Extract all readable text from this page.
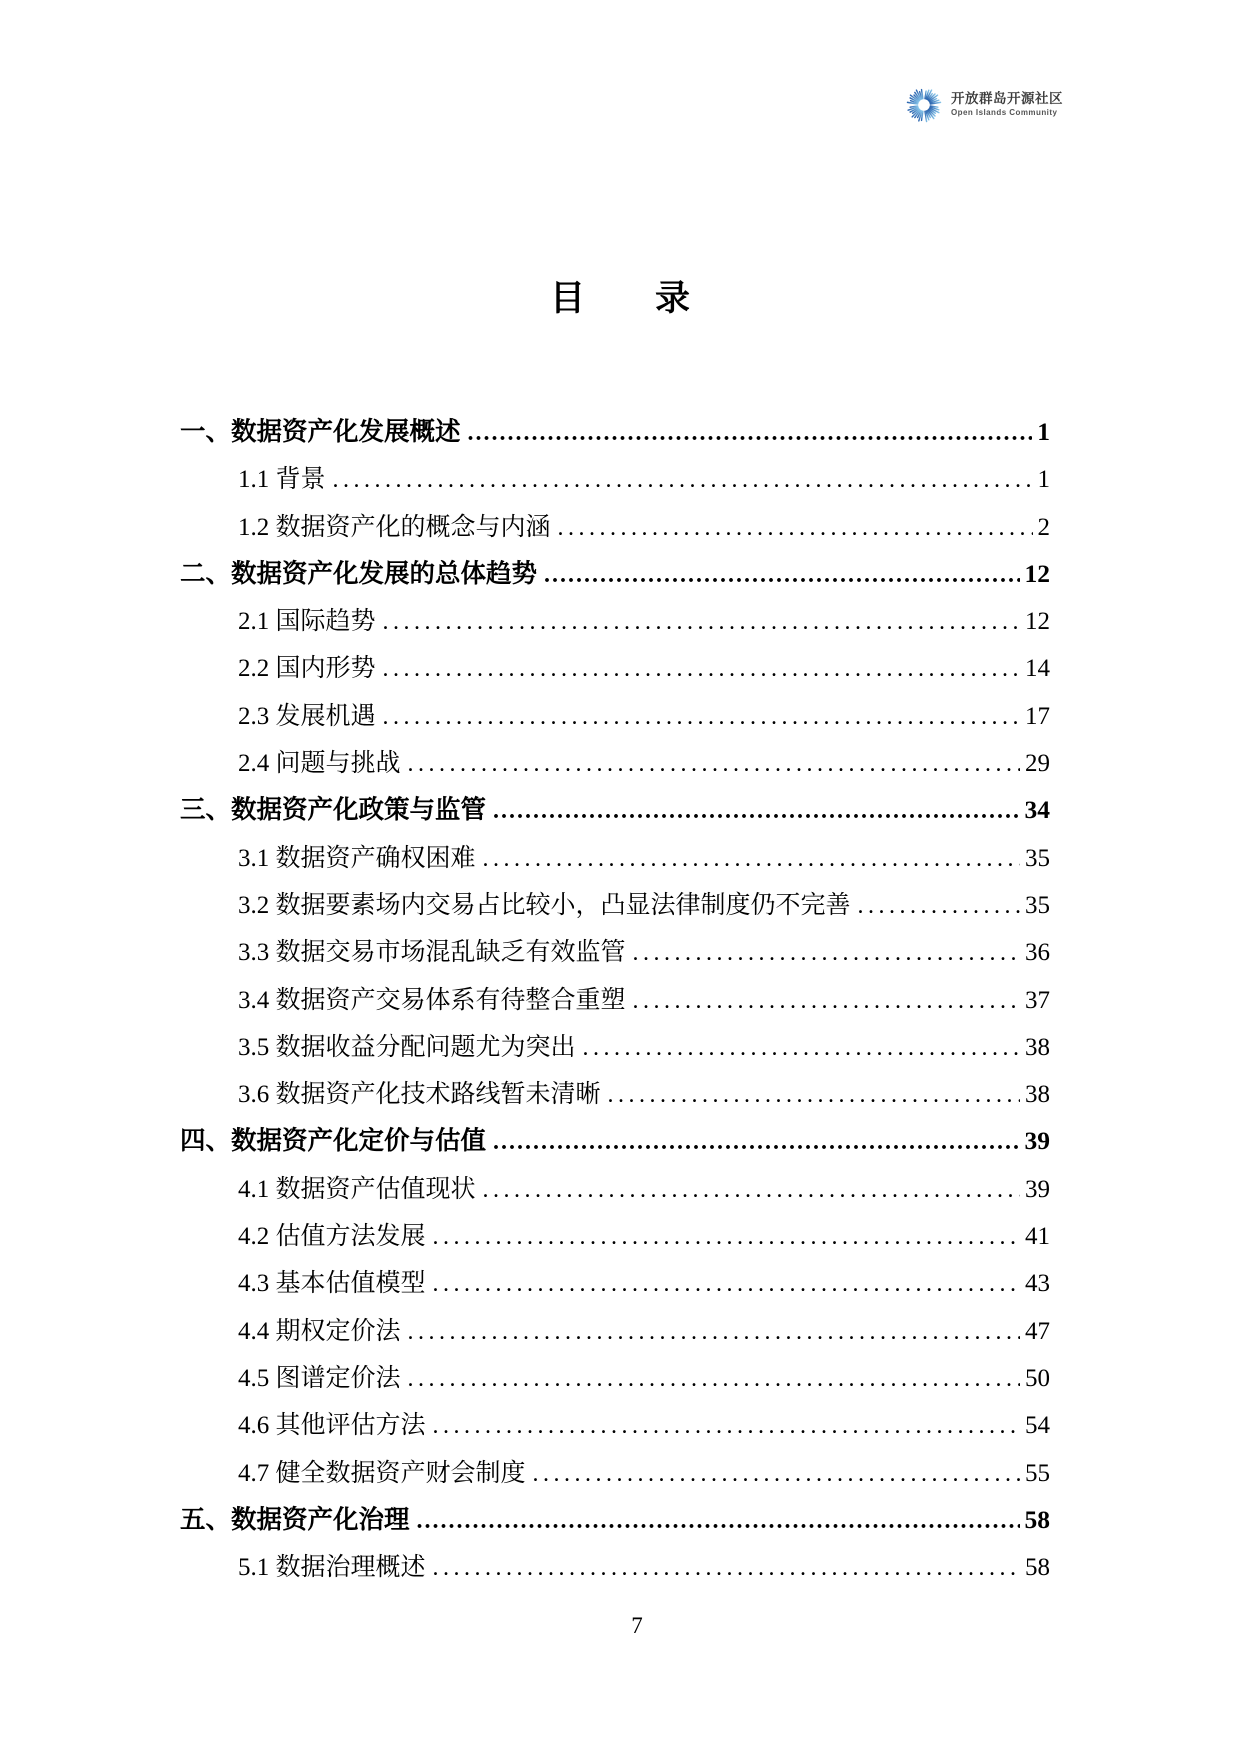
开放群岛开源社区
Open Islands Community
目　　录
一、数据资产化发展概述 .....	1
1.1 背景 .....	1
1.2 数据资产化的概念与内涵 .....	2
二、数据资产化发展的总体趋势 .....	12
2.1 国际趋势 .....	12
2.2 国内形势 .....	14
2.3 发展机遇 .....	17
2.4 问题与挑战 .....	29
三、数据资产化政策与监管 .....	34
3.1 数据资产确权困难 .....	35
3.2 数据要素场内交易占比较小，凸显法律制度仍不完善 .....	35
3.3 数据交易市场混乱缺乏有效监管 .....	36
3.4 数据资产交易体系有待整合重塑 .....	37
3.5 数据收益分配问题尤为突出 .....	38
3.6 数据资产化技术路线暂未清晰 .....	38
四、数据资产化定价与估值 .....	39
4.1 数据资产估值现状 .....	39
4.2 估值方法发展 .....	41
4.3 基本估值模型 .....	43
4.4 期权定价法 .....	47
4.5 图谱定价法 .....	50
4.6 其他评估方法 .....	54
4.7 健全数据资产财会制度 .....	55
五、数据资产化治理 .....	58
5.1 数据治理概述 .....	58
7
